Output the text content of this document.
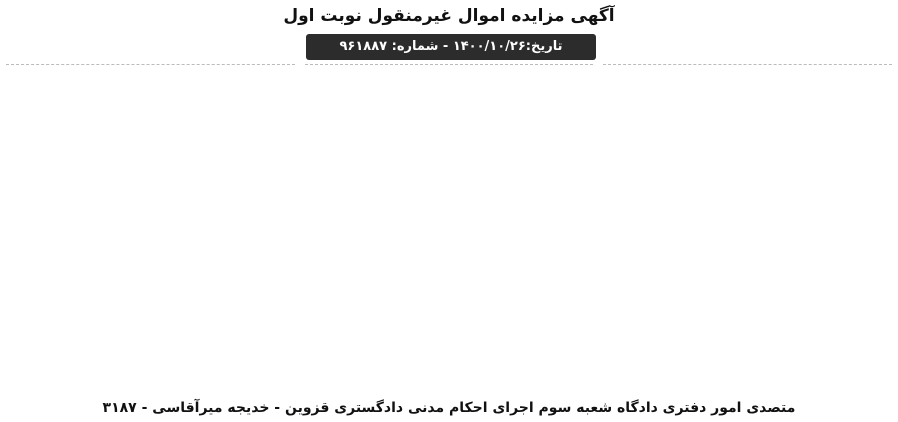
آگهی مزایده اموال غیرمنقول نوبت اول
تاریخ:۱۴۰۰/۱۰/۲۶ - شماره: ۹۶۱۸۸۷
متصدی امور دفتری دادگاه شعبه سوم اجرای احکام مدنی دادگستری قزوین - خدیجه میرآقاسی - ۳۱۸۷
